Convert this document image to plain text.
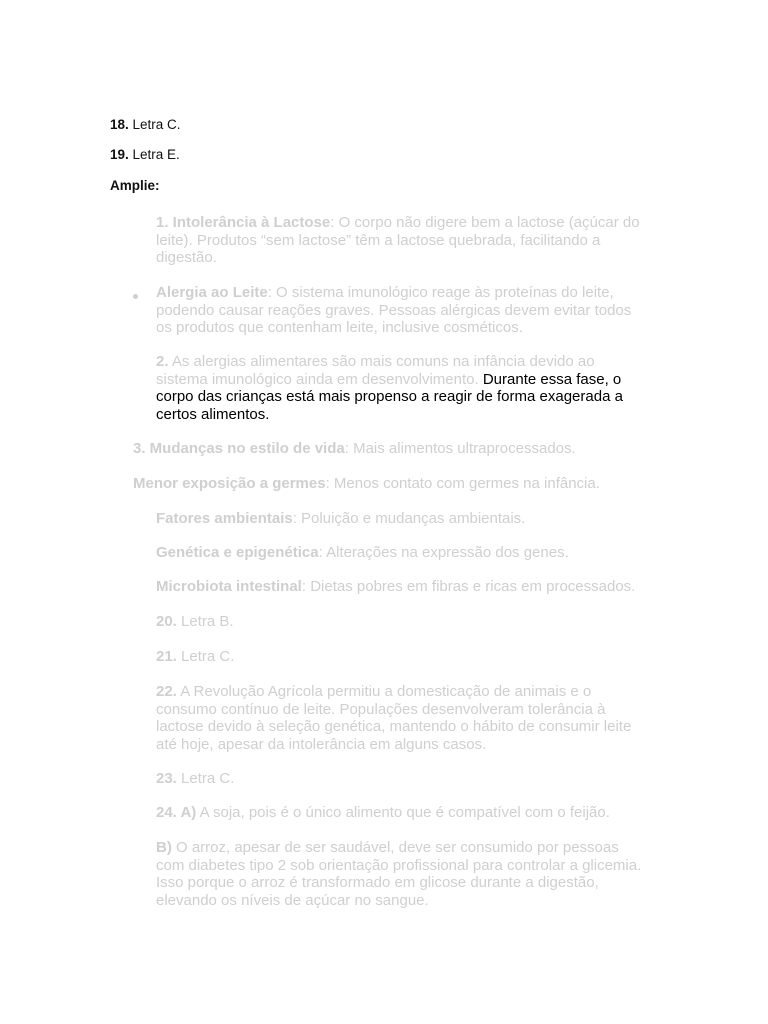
18. Letra C.

19. Letra E.

Amplie:

1. Intolerância à Lactose: O corpo não digere bem a lactose (açúcar do leite). Produtos “sem lactose” têm a lactose quebrada, facilitando a digestão.

Alergia ao Leite: O sistema imunológico reage às proteínas do leite, podendo causar reações graves. Pessoas alérgicas devem evitar todos os produtos que contenham leite, inclusive cosméticos.

2. As alergias alimentares são mais comuns na infância devido ao sistema imunológico ainda em desenvolvimento. Durante essa fase, o corpo das crianças está mais propenso a reagir de forma exagerada a certos alimentos.

3. Mudanças no estilo de vida: Mais alimentos ultraprocessados.

Menor exposição a germes: Menos contato com germes na infância.

Fatores ambientais: Poluição e mudanças ambientais.

Genética e epigenética: Alterações na expressão dos genes.

Microbiota intestinal: Dietas pobres em fibras e ricas em processados.

20. Letra B.

21. Letra C.

22. A Revolução Agrícola permitiu a domesticação de animais e o consumo contínuo de leite. Populações desenvolveram tolerância à lactose devido à seleção genética, mantendo o hábito de consumir leite até hoje, apesar da intolerância em alguns casos.

23. Letra C.

24. A) A soja, pois é o único alimento que é compatível com o feijão.

B) O arroz, apesar de ser saudável, deve ser consumido por pessoas com diabetes tipo 2 sob orientação profissional para controlar a glicemia. Isso porque o arroz é transformado em glicose durante a digestão, elevando os níveis de açúcar no sangue.
